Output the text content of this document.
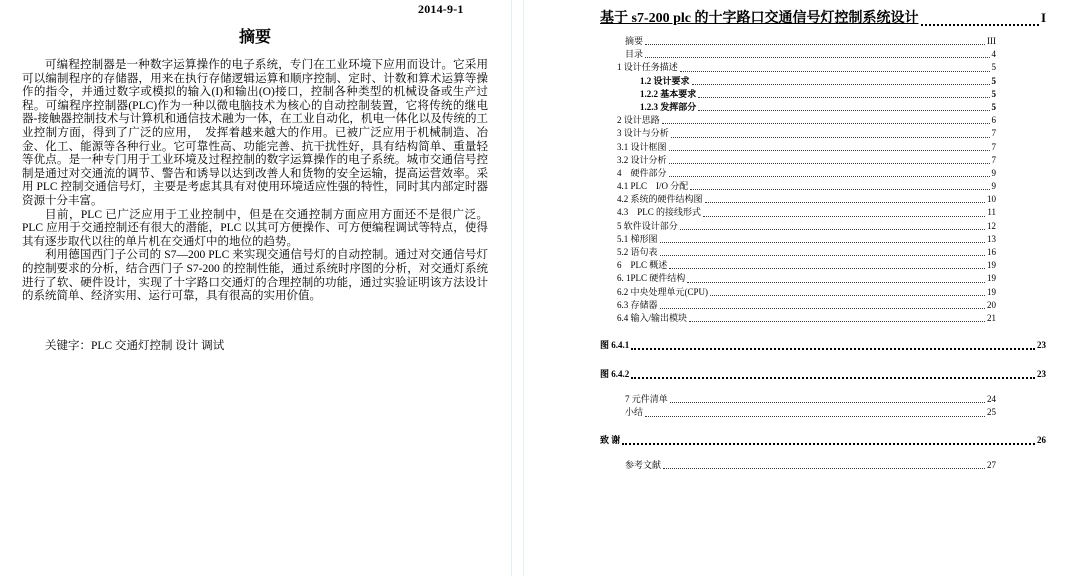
2014-9-1
摘要

可编程控制器是一种数字运算操作的电子系统，专门在工业环境下应用而设计。它采用可以编制程序的存储器，用来在执行存储逻辑运算和顺序控制、定时、计数和算术运算等操作的指令，并通过数字或模拟的输入(I)和输出(O)接口，控制各种类型的机械设备或生产过程。可编程序控制器(PLC)作为一种以微电脑技术为核心的自动控制装置，它将传统的继电器-接触器控制技术与计算机和通信技术融为一体，在工业自动化，机电一体化以及传统的工业控制方面，得到了广泛的应用，　发挥着越来越大的作用。已被广泛应用于机械制造、冶金、化工、能源等各种行业。它可靠性高、功能完善、抗干扰性好，具有结构简单、重量轻等优点。是一种专门用于工业环境及过程控制的数字运算操作的电子系统。城市交通信号控制是通过对交通流的调节、警告和诱导以达到改善人和货物的安全运输，提高运营效率。采用 PLC 控制交通信号灯，主要是考虑其具有对使用环境适应性强的特性，同时其内部定时器资源十分丰富。

目前，PLC 已广泛应用于工业控制中，但是在交通控制方面应用方面还不是很广泛。PLC 应用于交通控制还有很大的潜能，PLC 以其可方便操作、可方便编程调试等特点，使得其有逐步取代以往的单片机在交通灯中的地位的趋势。

利用德国西门子公司的 S7—200 PLC 来实现交通信号灯的自动控制。通过对交通信号灯的控制要求的分析，结合西门子 S7-200 的控制性能，通过系统时序图的分析，对交通灯系统进行了软、硬件设计，实现了十字路口交通灯的合理控制的功能，通过实验证明该方法设计的系统简单、经济实用、运行可靠，具有很高的实用价值。

关键字：PLC 交通灯控制 设计 调试

基于 s7-200 plc 的十字路口交通信号灯控制系统设计	I
摘要	III
目录	4
1 设计任务描述	5
1.2 设计要求	5
1.2.2 基本要求	5
1.2.3 发挥部分	5
2 设计思路	6
3 设计与分析	7
3.1 设计框图	7
3.2 设计分析	7
4　硬件部分	9
4.1 PLC　I/O 分配	9
4.2 系统的硬件结构图	10
4.3　PLC 的接线形式	11
5 软件设计部分	12
5.1 梯形图	13
5.2 语句表	16
6　PLC 概述	19
6. 1PLC 硬件结构	19
6.2 中央处理单元(CPU)	19
6.3 存储器	20
6.4 输入/输出模块	21
图 6.4.1	23
图 6.4.2	23
7 元件清单	24
小结	25
致 谢	26
参考文献	27
